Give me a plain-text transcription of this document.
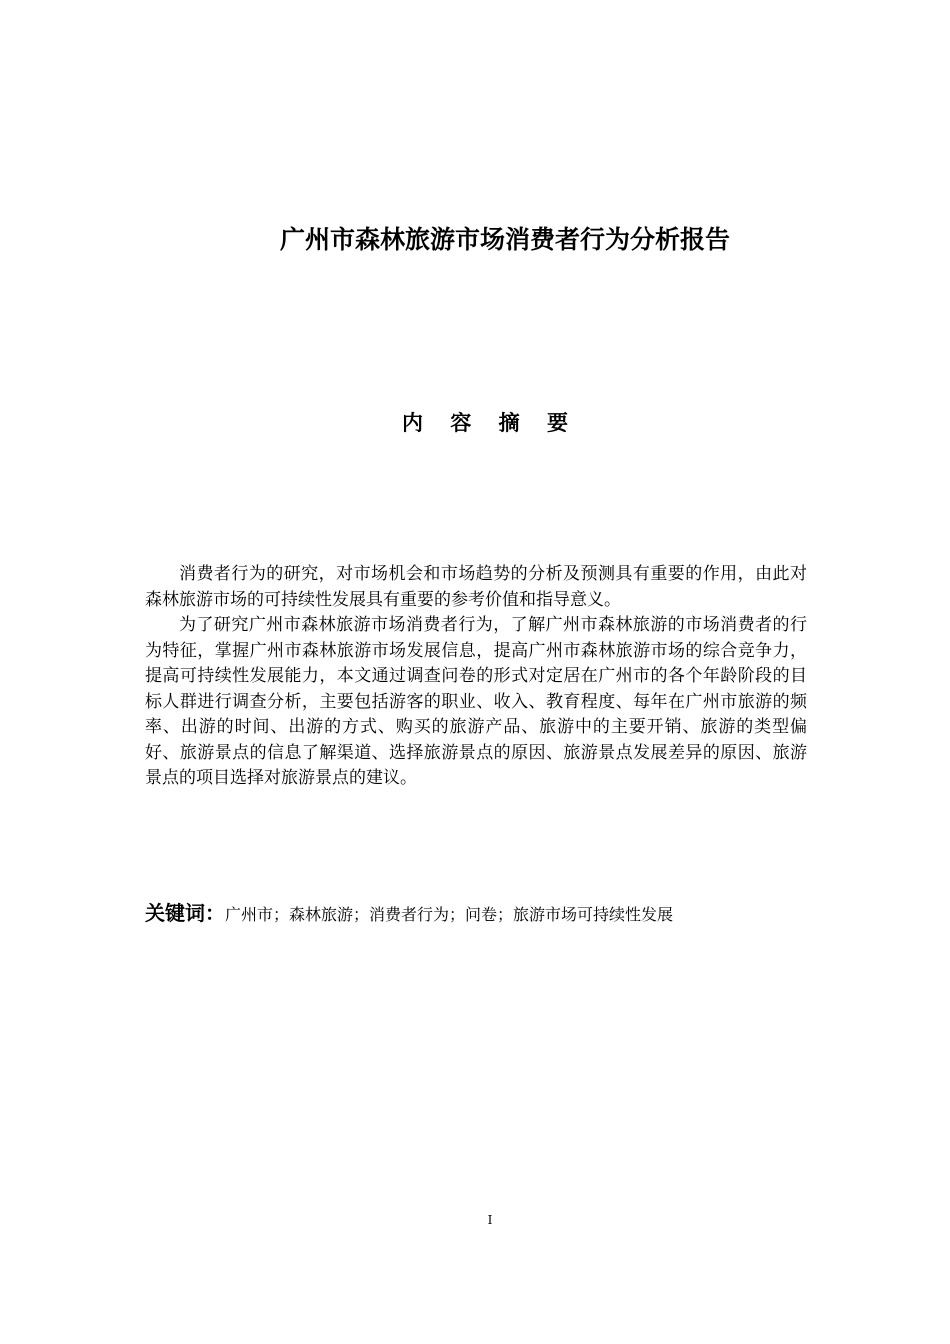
广州市森林旅游市场消费者行为分析报告
内 容 摘 要

消费者行为的研究，对市场机会和市场趋势的分析及预测具有重要的作用，由此对森林旅游市场的可持续性发展具有重要的参考价值和指导意义。

为了研究广州市森林旅游市场消费者行为，了解广州市森林旅游的市场消费者的行为特征，掌握广州市森林旅游市场发展信息，提高广州市森林旅游市场的综合竞争力，提高可持续性发展能力，本文通过调查问卷的形式对定居在广州市的各个年龄阶段的目标人群进行调查分析，主要包括游客的职业、收入、教育程度、每年在广州市旅游的频率、出游的时间、出游的方式、购买的旅游产品、旅游中的主要开销、旅游的类型偏好、旅游景点的信息了解渠道、选择旅游景点的原因、旅游景点发展差异的原因、旅游景点的项目选择对旅游景点的建议。

关键词：广州市；森林旅游；消费者行为；问卷；旅游市场可持续性发展
I
